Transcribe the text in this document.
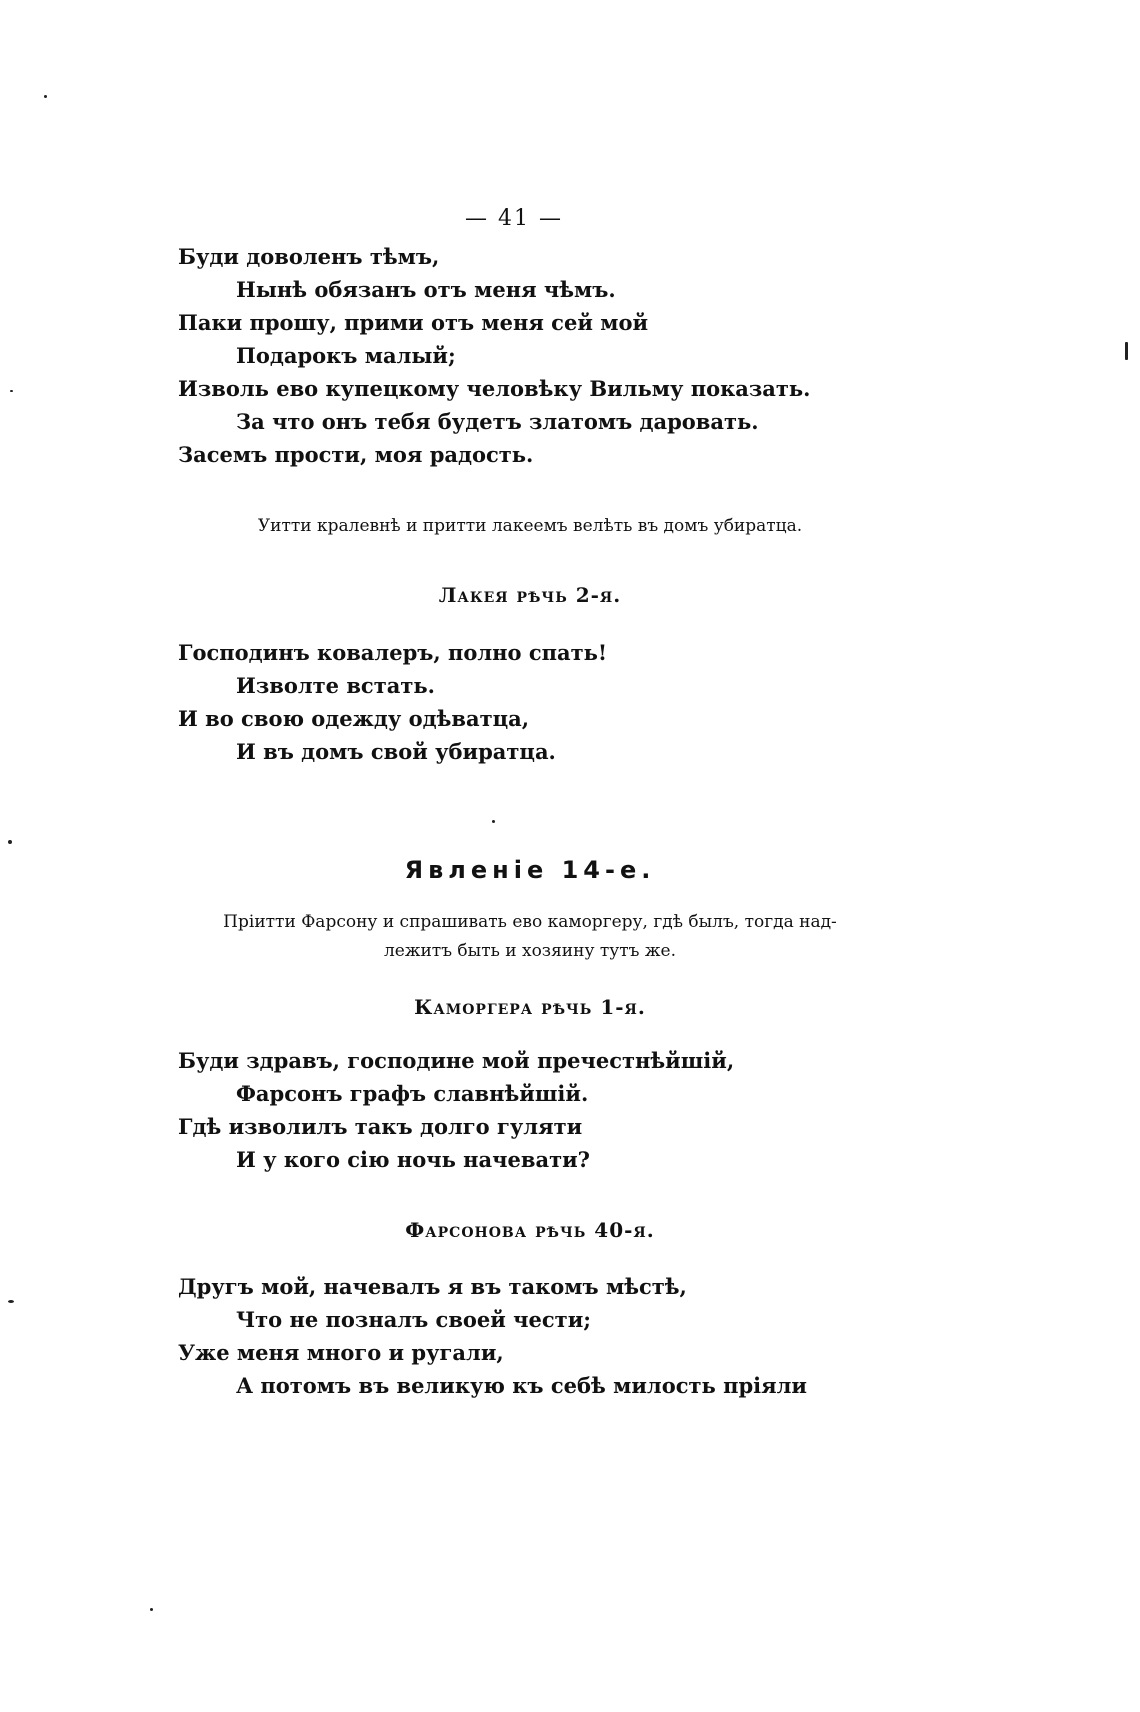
— 41 —
Буди доволенъ тѣмъ,
Нынѣ обязанъ отъ меня чѣмъ.
Паки прошу, прими отъ меня сей мой
Подарокъ малый;
Изволь ево купецкому человѣку Вильму показать.
За что онъ тебя будетъ златомъ даровать.
Засемъ прости, моя радость.
Уитти кралевнѣ и притти лакеемъ велѣть въ домъ убиратца.
Лакея рѣчь 2-я.
Господинъ ковалеръ, полно спать!
Изволте встать.
И во свою одежду одѣватца,
И въ домъ свой убиратца.
Явленіе 14-е.
Пріитти Фарсону и спрашивать ево каморгеру, гдѣ былъ, тогда над-
лежитъ быть и хозяину тутъ же.
Каморгера рѣчь 1-я.
Буди здравъ, господине мой пречестнѣйшій,
Фарсонъ графъ славнѣйшій.
Гдѣ изволилъ такъ долго гуляти
И у кого сію ночь начевати?
Фарсонова рѣчь 40-я.
Другъ мой, начевалъ я въ такомъ мѣстѣ,
Что не позналъ своей чести;
Уже меня много и ругали,
А потомъ въ великую къ себѣ милость пріяли
